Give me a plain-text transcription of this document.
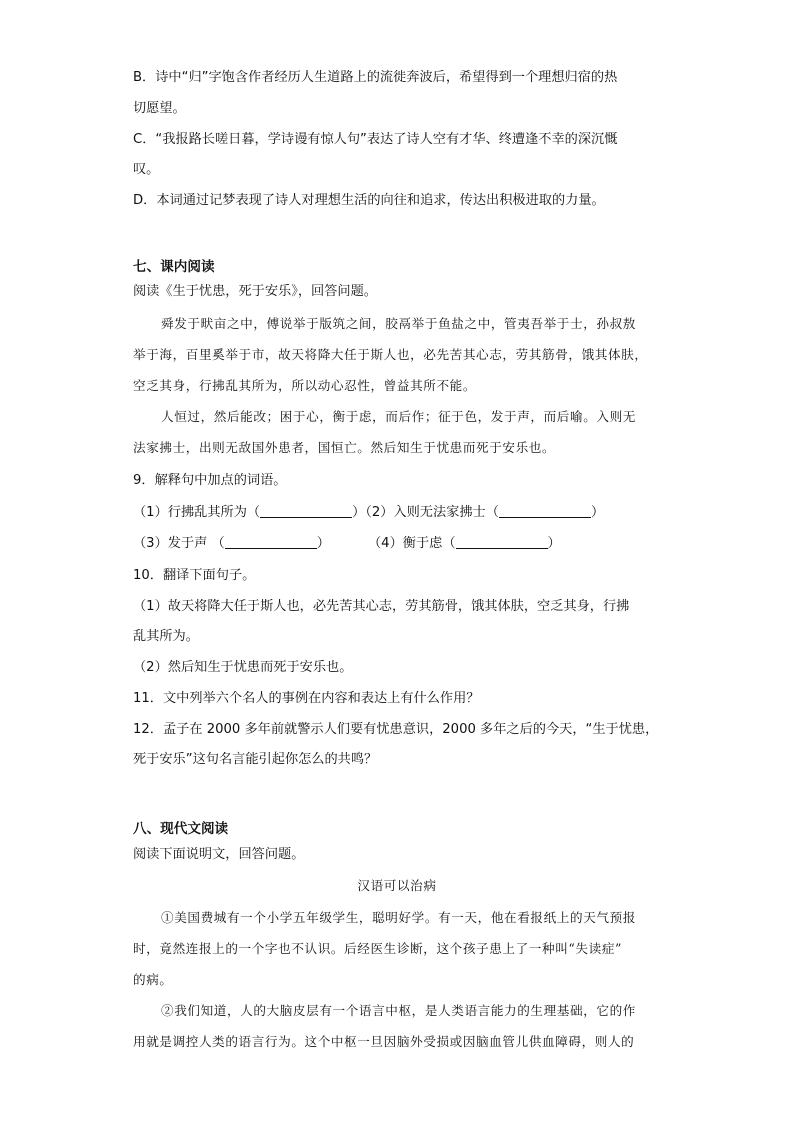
B．诗中“归”字饱含作者经历人生道路上的流徙奔波后，希望得到一个理想归宿的热
切愿望。
C．“我报路长嗟日暮，学诗谩有惊人句”表达了诗人空有才华、终遭逢不幸的深沉慨
叹。
D．本词通过记梦表现了诗人对理想生活的向往和追求，传达出积极进取的力量。
七、课内阅读
阅读《生于忧患，死于安乐》，回答问题。
舜发于畎亩之中，傅说举于版筑之间，胶鬲举于鱼盐之中，管夷吾举于士，孙叔敖
举于海，百里奚举于市，故天将降大任于斯人也，必先苦其心志，劳其筋骨，饿其体肤，
空乏其身，行拂乱其所为，所以动心忍性，曾益其所不能。
人恒过，然后能改；困于心，衡于虑，而后作；征于色，发于声，而后喻。入则无
法家拂士，出则无敌国外患者，国恒亡。然后知生于忧患而死于安乐也。
9．解释句中加点的词语。
（1）行拂乱其所为（	）（2）入则无法家拂士（	）
（3）发于声 （	）	（4）衡于虑（	）
10．翻译下面句子。
（1）故天将降大任于斯人也，必先苦其心志，劳其筋骨，饿其体肤，空乏其身，行拂
乱其所为。
（2）然后知生于忧患而死于安乐也。
11．文中列举六个名人的事例在内容和表达上有什么作用？
12．孟子在 2000 多年前就警示人们要有忧患意识，2000 多年之后的今天，“生于忧患，
死于安乐”这句名言能引起你怎么的共鸣？
八、现代文阅读
阅读下面说明文，回答问题。
汉语可以治病
①美国费城有一个小学五年级学生，聪明好学。有一天，他在看报纸上的天气预报
时，竟然连报上的一个字也不认识。后经医生诊断，这个孩子患上了一种叫“失读症”
的病。
②我们知道，人的大脑皮层有一个语言中枢，是人类语言能力的生理基础，它的作
用就是调控人类的语言行为。这个中枢一旦因脑外受损或因脑血管儿供血障碍，则人的
